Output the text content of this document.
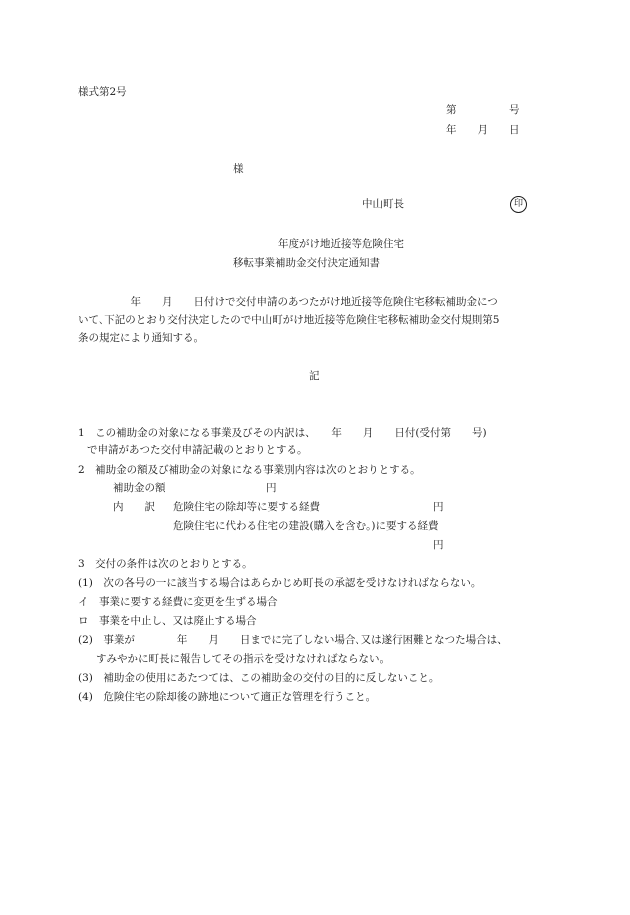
様式第2号
第　　　　　号
年　　月　　日
様
中山町長	印
年度がけ地近接等危険住宅
移転事業補助金交付決定通知書
　　　　　年　　月　　日付けで交付申請のあつたがけ地近接等危険住宅移転補助金につ
いて､下記のとおり交付決定したので中山町がけ地近接等危険住宅移転補助金交付規則第5
条の規定により通知する。
記
1　この補助金の対象になる事業及びその内訳は、　　年　　月　　日付(受付第　　号)
で申請があつた交付申請記載のとおりとする。
2　補助金の額及び補助金の対象になる事業別内容は次のとおりとする。
補助金の額	円
内　　訳 危険住宅の除却等に要する経費	円
危険住宅に代わる住宅の建設(購入を含む。)に要する経費
円
3　交付の条件は次のとおりとする。
(1)　次の各号の一に該当する場合はあらかじめ町長の承認を受けなければならない。
イ　事業に要する経費に変更を生ずる場合
ロ　事業を中止し、又は廃止する場合
(2)　事業が　　　　年　　月　　日までに完了しない場合､又は遂行困難となつた場合は、
すみやかに町長に報告してその指示を受けなければならない。
(3)　補助金の使用にあたつては、この補助金の交付の目的に反しないこと。
(4)　危険住宅の除却後の跡地について適正な管理を行うこと。
